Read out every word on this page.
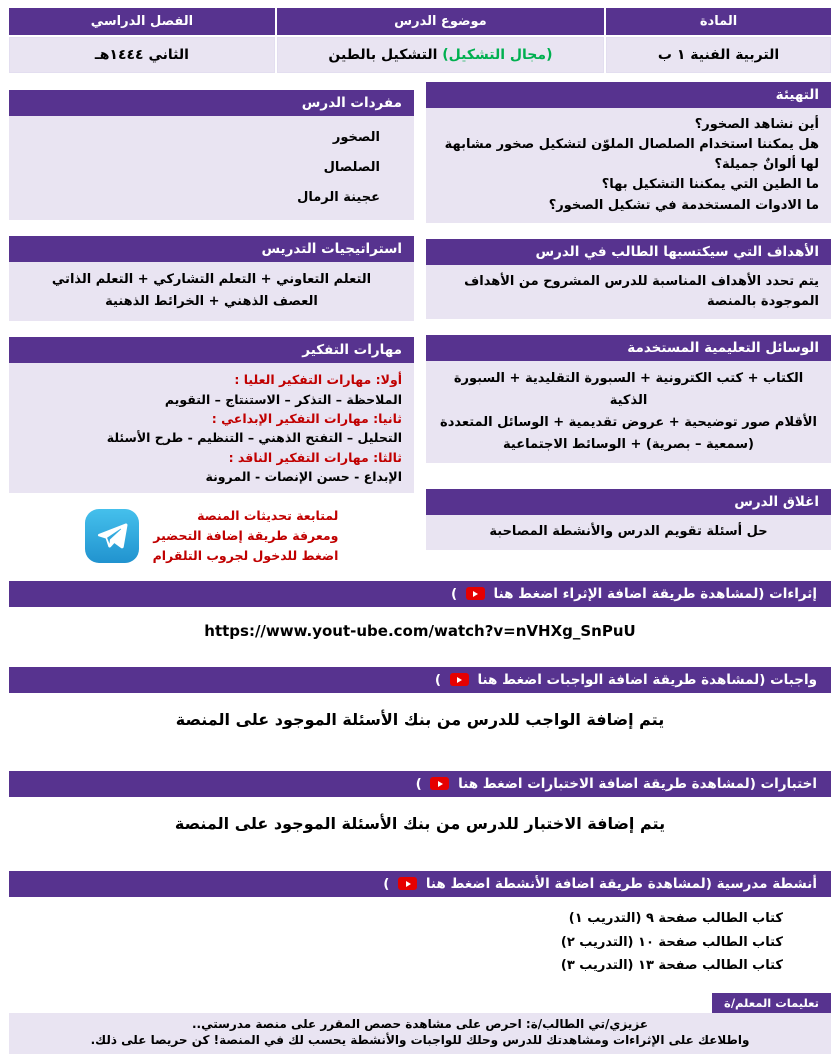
المادة
التربية الفنية ١ ب
موضوع الدرس
(مجال التشكيل) التشكيل بالطين
الفصل الدراسي
الثاني ١٤٤٤هـ
التهيئة
أين نشاهد الصخور؟
هل يمكننا استخدام الصلصال الملوّن لتشكيل صخور مشابهة لها ألوانٌ جميلة؟
ما الطين التي يمكننا التشكيل بها؟
ما الادوات المستخدمة في تشكيل الصخور؟
الأهداف التي سيكتسبها الطالب في الدرس
يتم تحدد الأهداف المناسبة للدرس المشروح من الأهداف الموجودة بالمنصة
الوسائل التعليمية المستخدمة
الكتاب + كتب الكترونية + السبورة التقليدية + السبورة الذكية
الأقلام صور توضيحية + عروض تقديمية + الوسائل المتعددة
(سمعية – بصرية) + الوسائط الاجتماعية
اغلاق الدرس
حل أسئلة تقويم الدرس والأنشطة المصاحبة
مفردات الدرس
الصخور
الصلصال
عجينة الرمال
استراتيجيات التدريس
التعلم التعاوني + التعلم التشاركي + التعلم الذاتي
العصف الذهني + الخرائط الذهنية
مهارات التفكير
أولا: مهارات التفكير العليا :
الملاحظة – التذكر – الاستنتاج – التقويم
ثانيا: مهارات التفكير الإبداعي :
التحليل – التفتح الذهني – التنظيم - طرح الأسئلة
ثالثا: مهارات التفكير الناقد :
الإبداع - حسن الإنصات - المرونة
لمتابعة تحديثات المنصة
ومعرفة طريقة إضافة التحضير
اضغط للدخول لجروب التلقرام
إثراءات (لمشاهدة طريقة اضافة الإثراء اضغط هنا  )
https://www.yout-ube.com/watch?v=nVHXg_SnPuU
واجبات (لمشاهدة طريقة اضافة الواجبات اضغط هنا  )
يتم إضافة الواجب للدرس من بنك الأسئلة الموجود على المنصة
اختبارات (لمشاهدة طريقة اضافة الاختبارات اضغط هنا  )
يتم إضافة الاختبار للدرس من بنك الأسئلة الموجود على المنصة
أنشطة مدرسية (لمشاهدة طريقة اضافة الأنشطة اضغط هنا  )
كتاب الطالب صفحة ٩ (التدريب ١)
كتاب الطالب صفحة ١٠ (التدريب ٢)
كتاب الطالب صفحة ١٣ (التدريب ٣)
تعليمات المعلم/ة
عزيزي/تي الطالب/ة: احرص على مشاهدة حصص المقرر على منصة مدرستي..
واطلاعك على الإثراءات ومشاهدتك للدرس وحلك للواجبات والأنشطة يحسب لك في المنصة! كن حريصا على ذلك.
